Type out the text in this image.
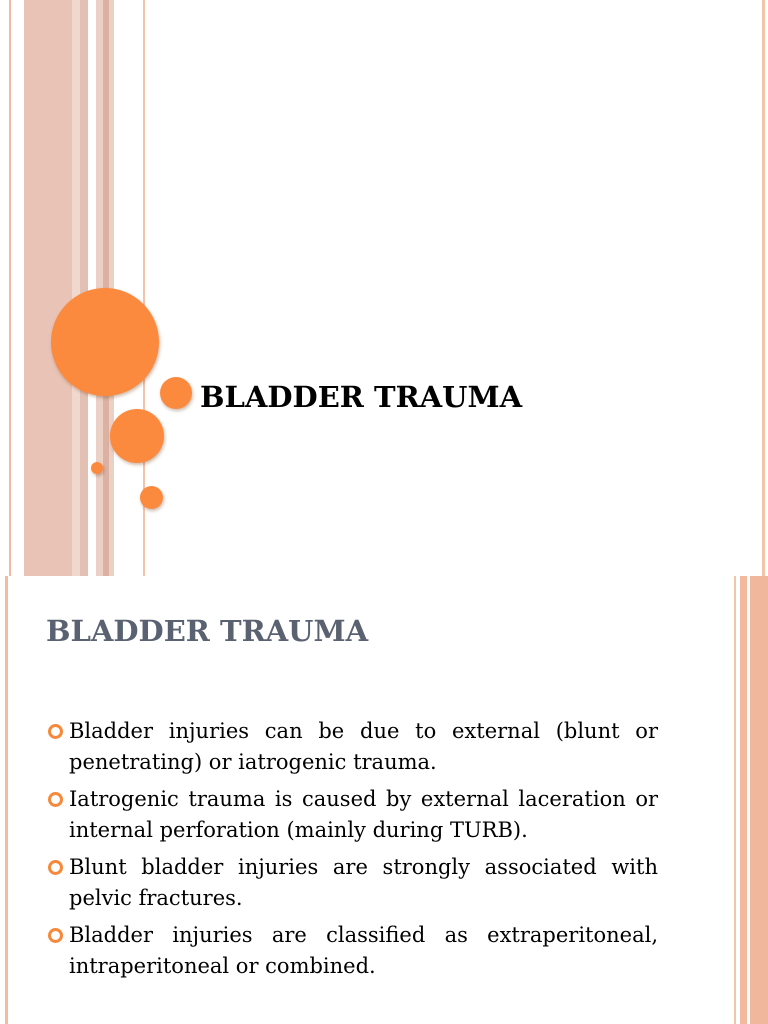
BLADDER TRAUMA
BLADDER TRAUMA
Bladder injuries can be due to external (blunt or penetrating) or iatrogenic trauma.
Iatrogenic trauma is caused by external laceration or internal perforation (mainly during TURB).
Blunt bladder injuries are strongly associated with pelvic fractures.
Bladder injuries are classified as extraperitoneal, intraperitoneal or combined.
